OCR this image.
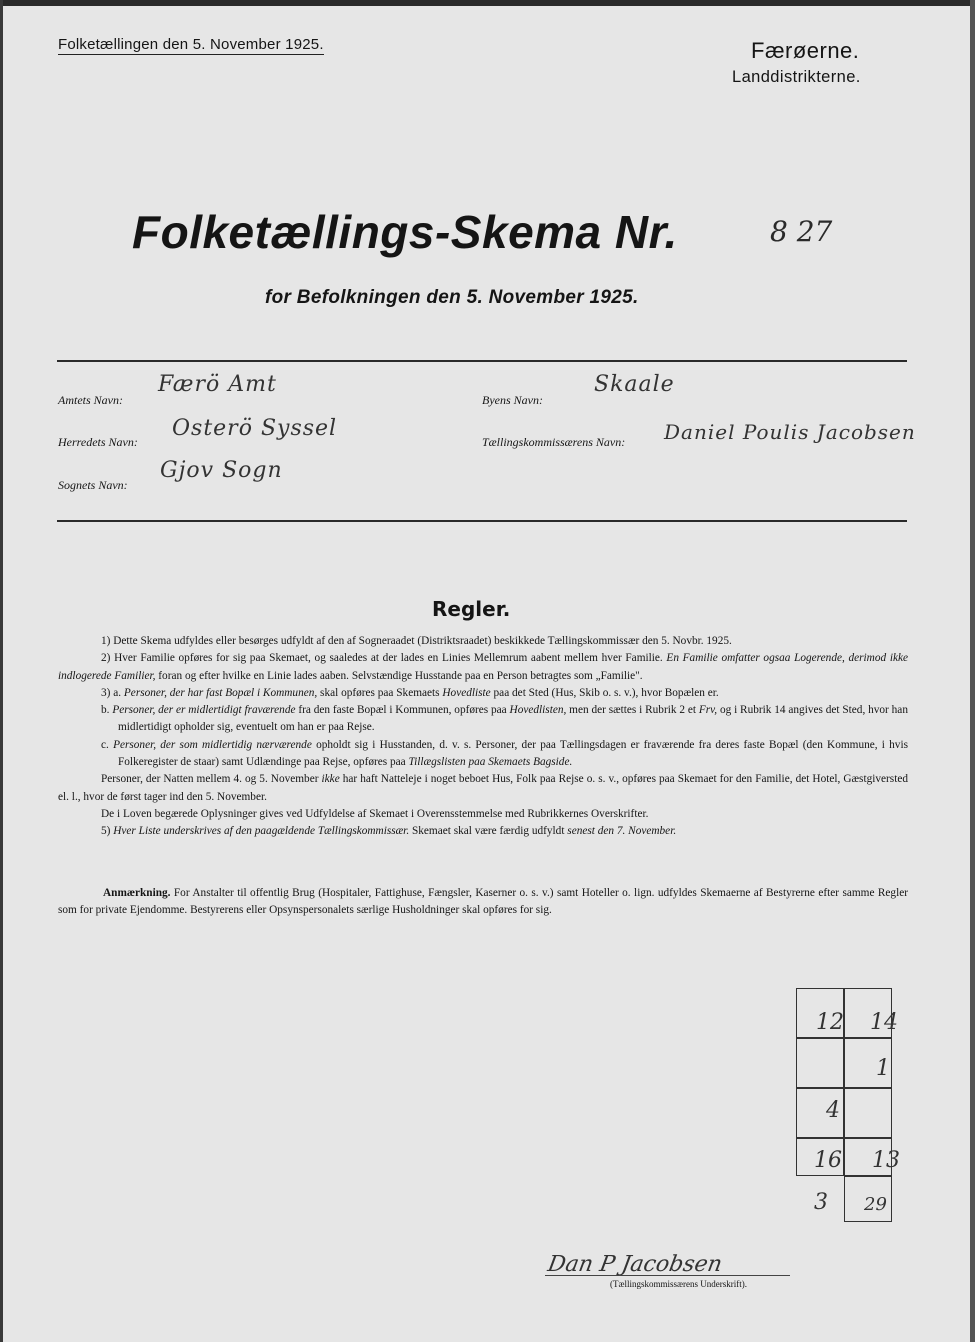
Folketællingen den 5. November 1925.	Færøerne.
Landdistrikterne.
Folketællings-Skema Nr.	8 27
for Befolkningen den 5. November 1925.
Amtets Navn:
Færö Amt
Herredets Navn:
Osterö Syssel
Sognets Navn:
Gjov Sogn
Byens Navn:
Skaale
Tællingskommissærens Navn: Daniel Poulis Jacobsen
Regler.

1) Dette Skema udfyldes eller besørges udfyldt af den af Sogneraadet (Distriktsraadet) beskikkede Tællingskommissær den 5. Novbr. 1925.

2) Hver Familie opføres for sig paa Skemaet, og saaledes at der lades en Linies Mellemrum aabent mellem hver Familie. En Familie omfatter ogsaa Logerende, derimod ikke indlogerede Familier, foran og efter hvilke en Linie lades aaben. Selvstændige Husstande paa en Person betragtes som „Familie".

3) a. Personer, der har fast Bopæl i Kommunen, skal opføres paa Skemaets Hovedliste paa det Sted (Hus, Skib o. s. v.), hvor Bopælen er.

b. Personer, der er midlertidigt fraværende fra den faste Bopæl i Kommunen, opføres paa Hovedlisten, men der sættes i Rubrik 2 et Frv, og i Rubrik 14 angives det Sted, hvor han midlertidigt opholder sig, eventuelt om han er paa Rejse.

c. Personer, der som midlertidig nærværende opholdt sig i Husstanden, d. v. s. Personer, der paa Tællingsdagen er fraværende fra deres faste Bopæl (den Kommune, i hvis Folkeregister de staar) samt Udlændinge paa Rejse, opføres paa Tillægslisten paa Skemaets Bagside.

Personer, der Natten mellem 4. og 5. November ikke har haft Natteleje i noget beboet Hus, Folk paa Rejse o. s. v., opføres paa Skemaet for den Familie, det Hotel, Gæstgiversted el. l., hvor de først tager ind den 5. November.

De i Loven begærede Oplysninger gives ved Udfyldelse af Skemaet i Overensstemmelse med Rubrikkernes Overskrifter.

5) Hver Liste underskrives af den paagældende Tællingskommissær. Skemaet skal være færdig udfyldt senest den 7. November.

Anmærkning. For Anstalter til offentlig Brug (Hospitaler, Fattighuse, Fængsler, Kaserner o. s. v.) samt Hoteller o. lign. udfyldes Skemaerne af Bestyrerne efter samme Regler som for private Ejendomme. Bestyrerens eller Opsynspersonalets særlige Husholdninger skal opføres for sig.

12 14
1
4
16 13
3 29
Dan P Jacobsen
(Tællingskommissærens Underskrift).
